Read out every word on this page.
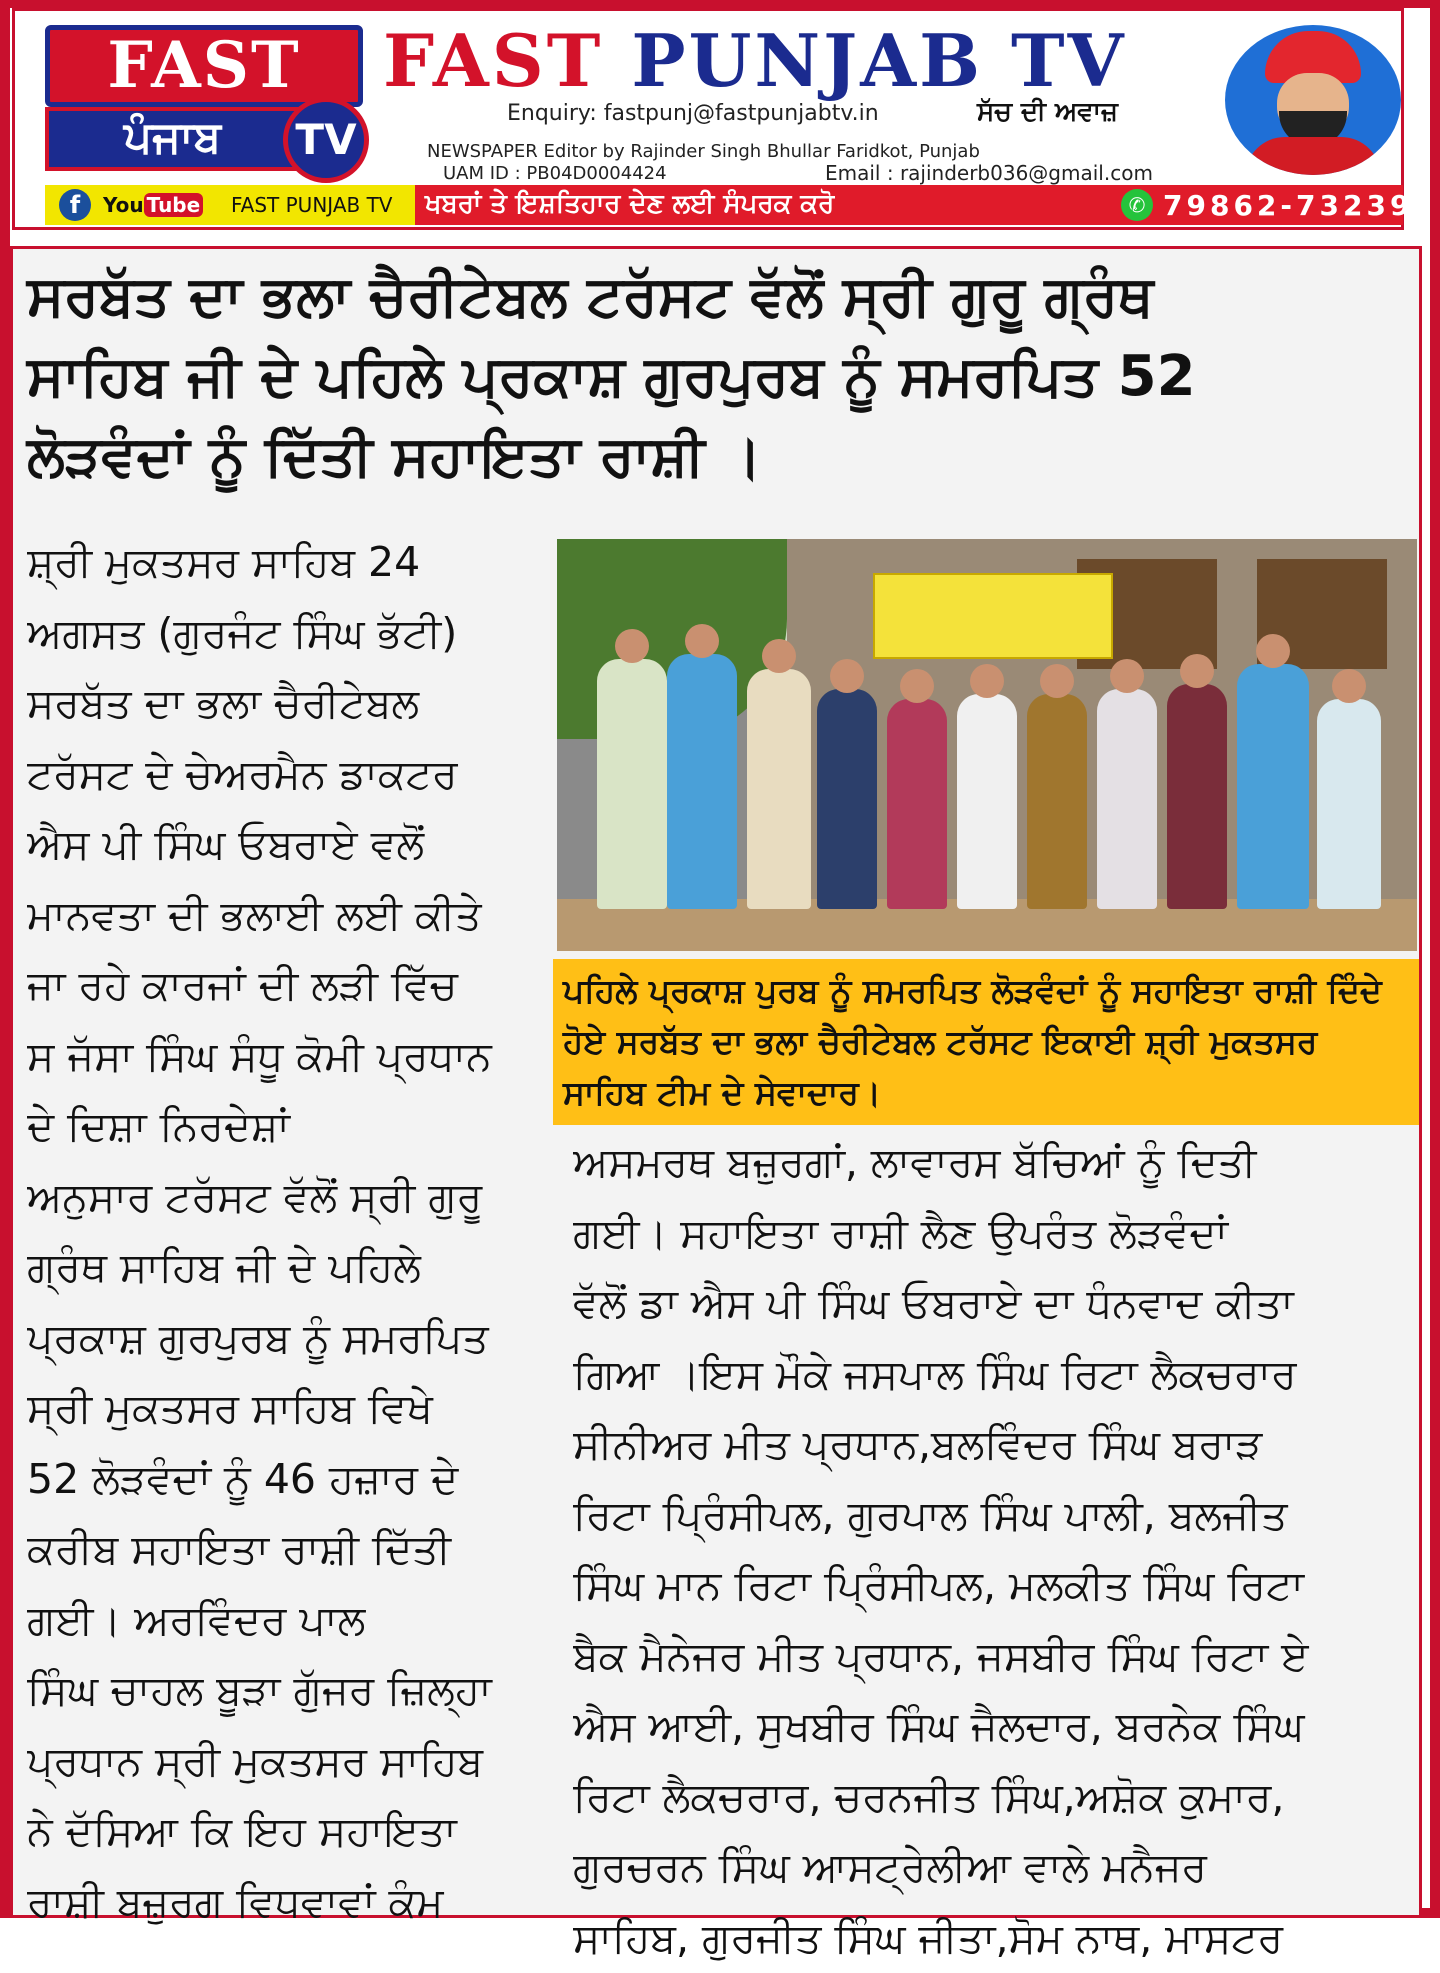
FAST
ਪੰਜਾਬ	TV
FAST PUNJAB TV
Enquiry: fastpunj@fastpunjabtv.in	ਸੱਚ ਦੀ ਅਵਾਜ਼
NEWSPAPER Editor by Rajinder Singh Bhullar Faridkot, Punjab
UAM ID : PB04D0004424	Email : rajinderb036@gmail.com
f	You Tube FAST PUNJAB TV ਖਬਰਾਂ ਤੇ ਇਸ਼ਤਿਹਾਰ ਦੇਣ ਲਈ ਸੰਪਰਕ ਕਰੋ	✆ 79862-73239
ਸਰਬੱਤ ਦਾ ਭਲਾ ਚੈਰੀਟੇਬਲ ਟਰੱਸਟ ਵੱਲੋਂ ਸ੍ਰੀ ਗੁਰੂ ਗ੍ਰੰਥ
ਸਾਹਿਬ ਜੀ ਦੇ ਪਹਿਲੇ ਪ੍ਰਕਾਸ਼ ਗੁਰਪੁਰਬ ਨੂੰ ਸਮਰਪਿਤ 52
ਲੋੜਵੰਦਾਂ ਨੂੰ ਦਿੱਤੀ ਸਹਾਇਤਾ ਰਾਸ਼ੀ ।
ਸ਼੍ਰੀ ਮੁਕਤਸਰ ਸਾਹਿਬ 24
ਅਗਸਤ (ਗੁਰਜੰਟ ਸਿੰਘ ਭੱਟੀ)
ਸਰਬੱਤ ਦਾ ਭਲਾ ਚੈਰੀਟੇਬਲ
ਟਰੱਸਟ ਦੇ ਚੇਅਰਮੈਨ ਡਾਕਟਰ
ਐਸ ਪੀ ਸਿੰਘ ਓਬਰਾਏ ਵਲੋਂ
ਮਾਨਵਤਾ ਦੀ ਭਲਾਈ ਲਈ ਕੀਤੇ
ਜਾ ਰਹੇ ਕਾਰਜਾਂ ਦੀ ਲੜੀ ਵਿੱਚ
ਸ ਜੱਸਾ ਸਿੰਘ ਸੰਧੂ ਕੋਮੀ ਪ੍ਰਧਾਨ
ਦੇ ਦਿਸ਼ਾ ਨਿਰਦੇਸ਼ਾਂ
ਅਨੁਸਾਰ ਟਰੱਸਟ ਵੱਲੋਂ ਸ੍ਰੀ ਗੁਰੂ
ਗ੍ਰੰਥ ਸਾਹਿਬ ਜੀ ਦੇ ਪਹਿਲੇ
ਪ੍ਰਕਾਸ਼ ਗੁਰਪੁਰਬ ਨੂੰ ਸਮਰਪਿਤ
ਸ੍ਰੀ ਮੁਕਤਸਰ ਸਾਹਿਬ ਵਿਖੇ
52 ਲੋੜਵੰਦਾਂ ਨੂੰ 46 ਹਜ਼ਾਰ ਦੇ
ਕਰੀਬ ਸਹਾਇਤਾ ਰਾਸ਼ੀ ਦਿੱਤੀ
ਗਈ। ਅਰਵਿੰਦਰ ਪਾਲ
ਸਿੰਘ ਚਾਹਲ ਬੂੜਾ ਗੁੱਜਰ ਜ਼ਿਲ੍ਹਾ
ਪ੍ਰਧਾਨ ਸ੍ਰੀ ਮੁਕਤਸਰ ਸਾਹਿਬ
ਨੇ ਦੱਸਿਆ ਕਿ ਇਹ ਸਹਾਇਤਾ
ਰਾਸ਼ੀ ਬਜ਼ੁਰਗ ਵਿਧਵਾਵਾਂ ਕੰਮ
ਪਹਿਲੇ ਪ੍ਰਕਾਸ਼ ਪੁਰਬ ਨੂੰ ਸਮਰਪਿਤ ਲੋੜਵੰਦਾਂ ਨੂੰ ਸਹਾਇਤਾ ਰਾਸ਼ੀ ਦਿੰਦੇ ਹੋਏ ਸਰਬੱਤ ਦਾ ਭਲਾ ਚੈਰੀਟੇਬਲ ਟਰੱਸਟ ਇਕਾਈ ਸ਼੍ਰੀ ਮੁਕਤਸਰ ਸਾਹਿਬ ਟੀਮ ਦੇ ਸੇਵਾਦਾਰ।
ਅਸਮਰਥ ਬਜ਼ੁਰਗਾਂ, ਲਾਵਾਰਸ ਬੱਚਿਆਂ ਨੂੰ ਦਿਤੀ
ਗਈ। ਸਹਾਇਤਾ ਰਾਸ਼ੀ ਲੈਣ ਉਪਰੰਤ ਲੋੜਵੰਦਾਂ
ਵੱਲੋਂ ਡਾ ਐਸ ਪੀ ਸਿੰਘ ਓਬਰਾਏ ਦਾ ਧੰਨਵਾਦ ਕੀਤਾ
ਗਿਆ ।ਇਸ ਮੌਕੇ ਜਸਪਾਲ ਸਿੰਘ ਰਿਟਾ ਲੈਕਚਰਾਰ
ਸੀਨੀਅਰ ਮੀਤ ਪ੍ਰਧਾਨ,ਬਲਵਿੰਦਰ ਸਿੰਘ ਬਰਾੜ
ਰਿਟਾ ਪ੍ਰਿੰਸੀਪਲ, ਗੁਰਪਾਲ ਸਿੰਘ ਪਾਲੀ, ਬਲਜੀਤ
ਸਿੰਘ ਮਾਨ ਰਿਟਾ ਪ੍ਰਿੰਸੀਪਲ, ਮਲਕੀਤ ਸਿੰਘ ਰਿਟਾ
ਬੈਕ ਮੈਨੇਜਰ ਮੀਤ ਪ੍ਰਧਾਨ, ਜਸਬੀਰ ਸਿੰਘ ਰਿਟਾ ਏ
ਐਸ ਆਈ, ਸੁਖਬੀਰ ਸਿੰਘ ਜੈਲਦਾਰ, ਬਰਨੇਕ ਸਿੰਘ
ਰਿਟਾ ਲੈਕਚਰਾਰ, ਚਰਨਜੀਤ ਸਿੰਘ,ਅਸ਼ੋਕ ਕੁਮਾਰ,
ਗੁਰਚਰਨ ਸਿੰਘ ਆਸਟ੍ਰੇਲੀਆ ਵਾਲੇ ਮਨੈਜਰ
ਸਾਹਿਬ, ਗੁਰਜੀਤ ਸਿੰਘ ਜੀਤਾ,ਸੋਮ ਨਾਥ, ਮਾਸਟਰ
